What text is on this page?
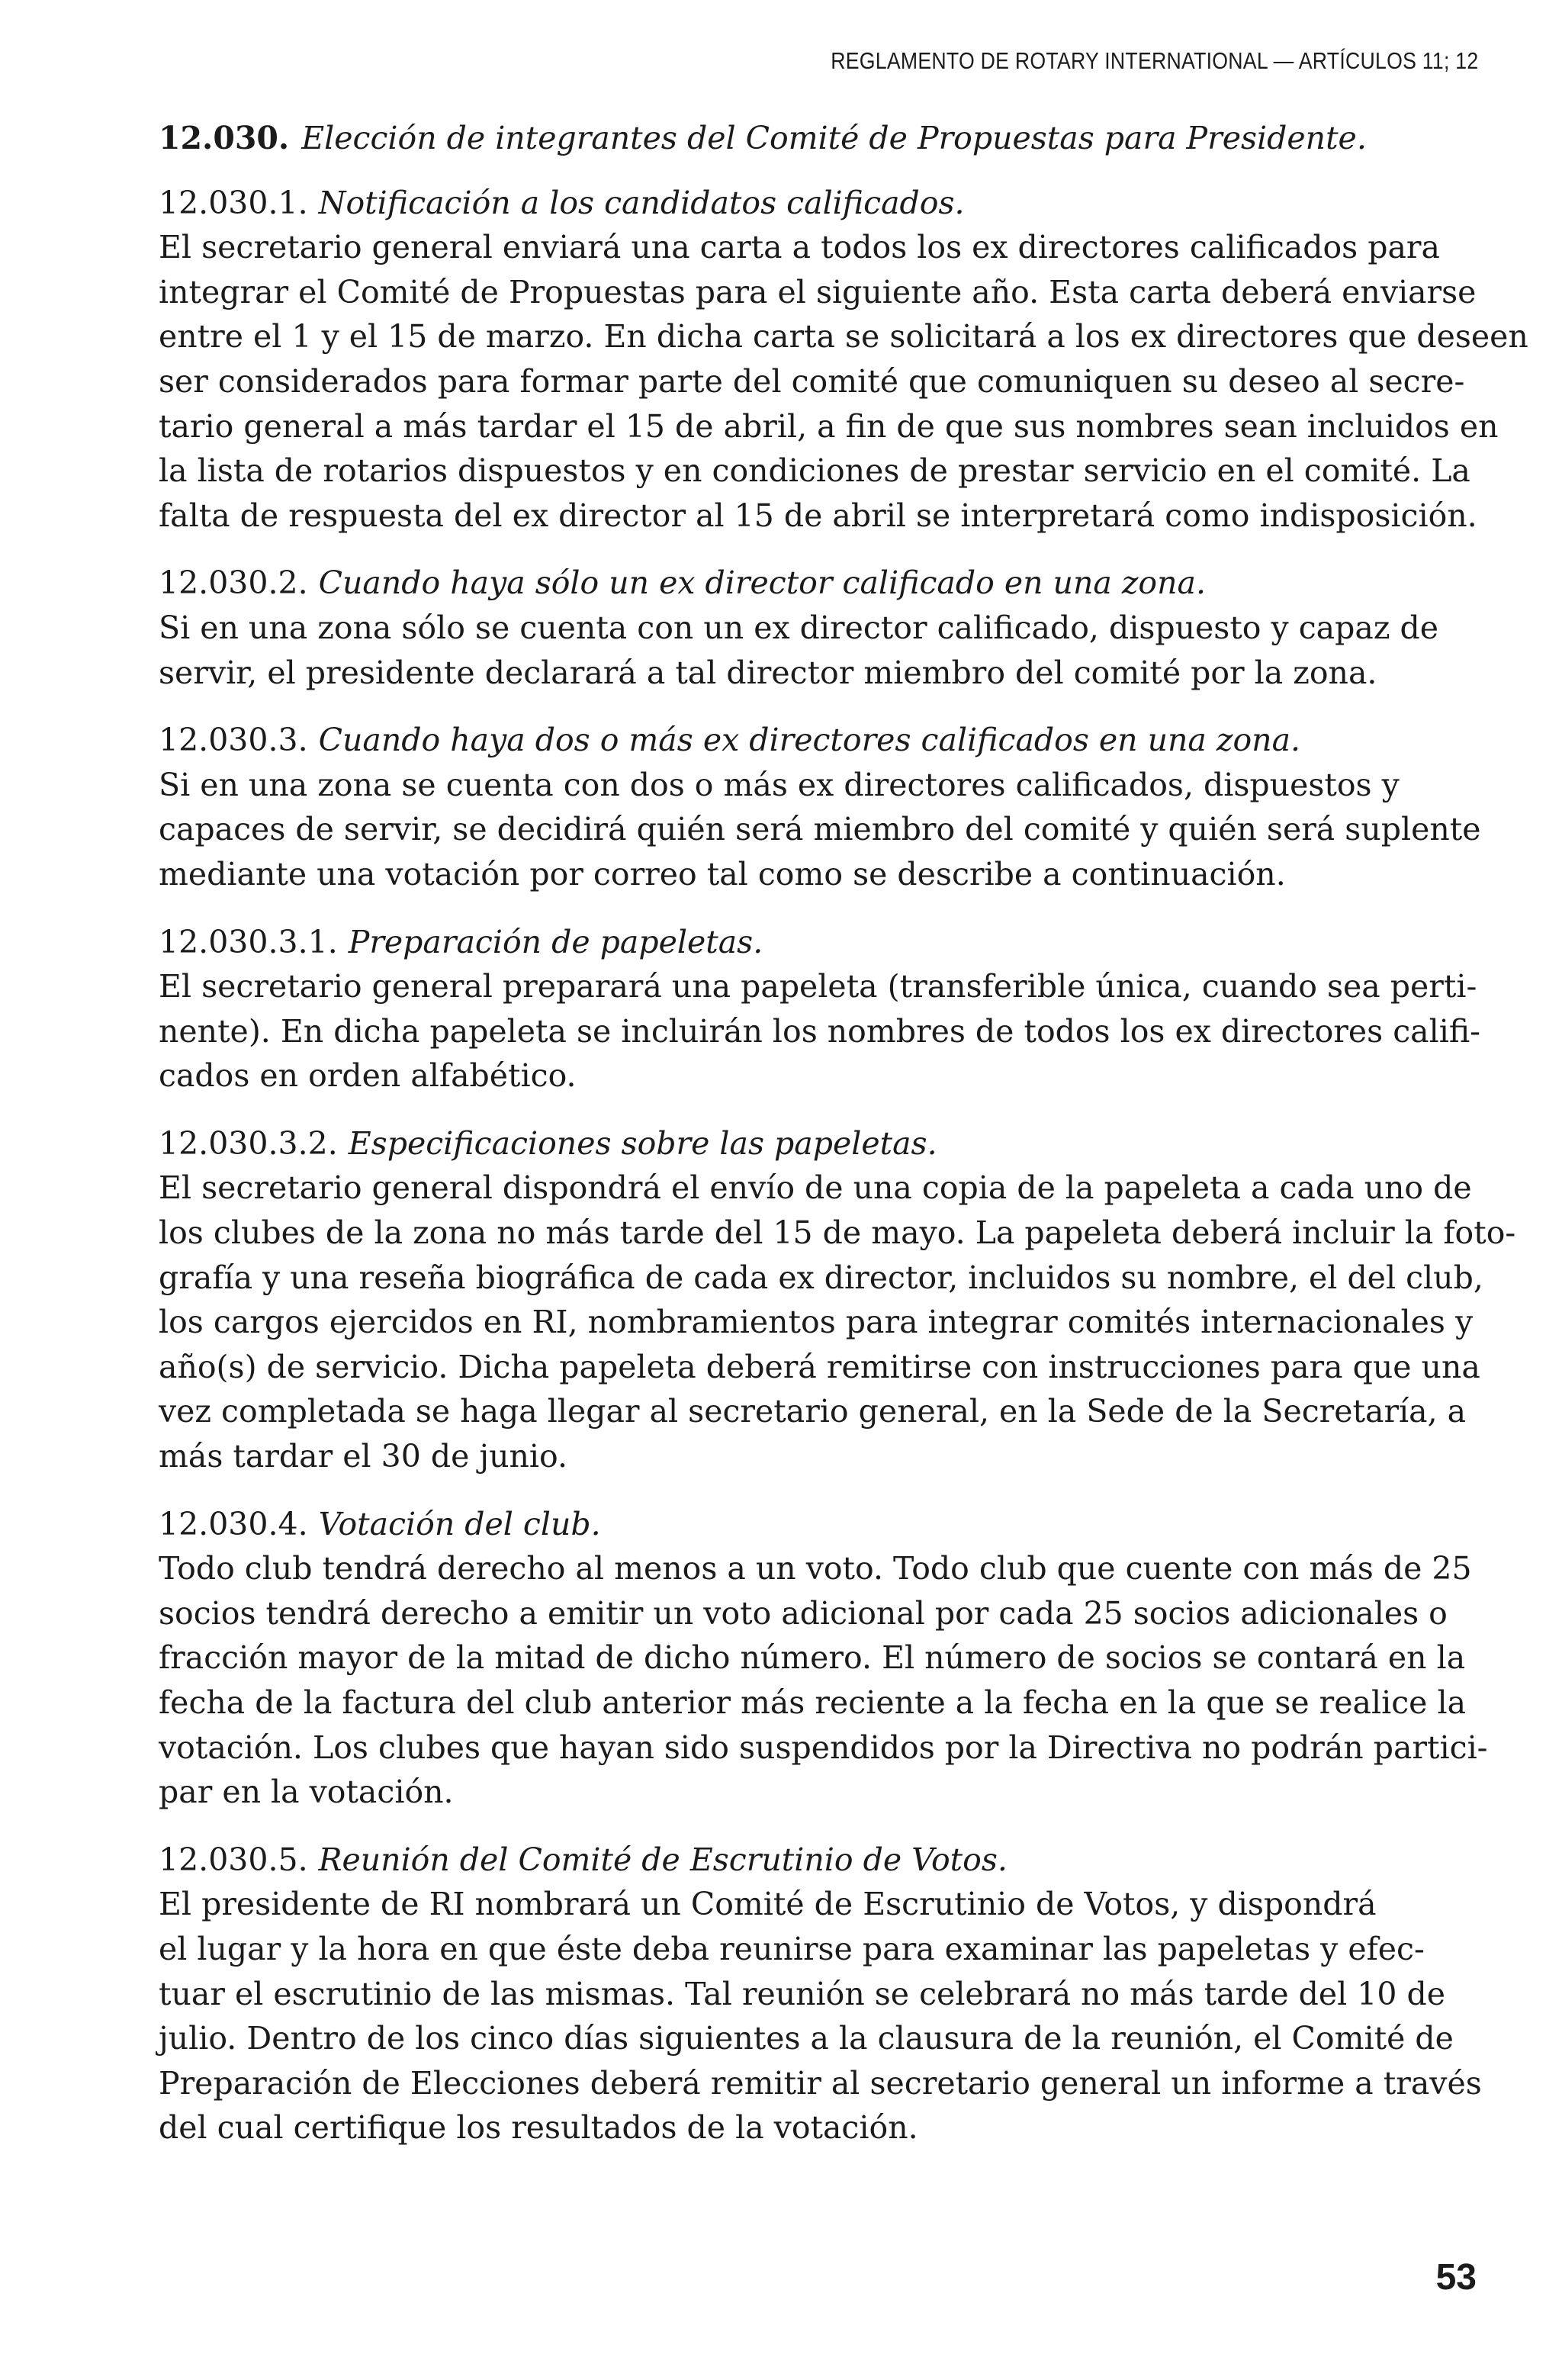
REGLAMENTO DE ROTARY INTERNATIONAL — ARTÍCULOS 11; 12
12.030. Elección de integrantes del Comité de Propuestas para Presidente.
12.030.1. Notificación a los candidatos calificados.
El secretario general enviará una carta a todos los ex directores calificados para
integrar el Comité de Propuestas para el siguiente año. Esta carta deberá enviarse
entre el 1 y el 15 de marzo. En dicha carta se solicitará a los ex directores que deseen
ser considerados para formar parte del comité que comuniquen su deseo al secre-
tario general a más tardar el 15 de abril, a fin de que sus nombres sean incluidos en
la lista de rotarios dispuestos y en condiciones de prestar servicio en el comité. La
falta de respuesta del ex director al 15 de abril se interpretará como indisposición.
12.030.2. Cuando haya sólo un ex director calificado en una zona.
Si en una zona sólo se cuenta con un ex director calificado, dispuesto y capaz de
servir, el presidente declarará a tal director miembro del comité por la zona.
12.030.3. Cuando haya dos o más ex directores calificados en una zona.
Si en una zona se cuenta con dos o más ex directores calificados, dispuestos y
capaces de servir, se decidirá quién será miembro del comité y quién será suplente
mediante una votación por correo tal como se describe a continuación.
12.030.3.1. Preparación de papeletas.
El secretario general preparará una papeleta (transferible única, cuando sea perti-
nente). En dicha papeleta se incluirán los nombres de todos los ex directores califi-
cados en orden alfabético.
12.030.3.2. Especificaciones sobre las papeletas.
El secretario general dispondrá el envío de una copia de la papeleta a cada uno de
los clubes de la zona no más tarde del 15 de mayo. La papeleta deberá incluir la foto-
grafía y una reseña biográfica de cada ex director, incluidos su nombre, el del club,
los cargos ejercidos en RI, nombramientos para integrar comités internacionales y
año(s) de servicio. Dicha papeleta deberá remitirse con instrucciones para que una
vez completada se haga llegar al secretario general, en la Sede de la Secretaría, a
más tardar el 30 de junio.
12.030.4. Votación del club.
Todo club tendrá derecho al menos a un voto. Todo club que cuente con más de 25
socios tendrá derecho a emitir un voto adicional por cada 25 socios adicionales o
fracción mayor de la mitad de dicho número. El número de socios se contará en la
fecha de la factura del club anterior más reciente a la fecha en la que se realice la
votación. Los clubes que hayan sido suspendidos por la Directiva no podrán partici-
par en la votación.
12.030.5. Reunión del Comité de Escrutinio de Votos.
El presidente de RI nombrará un Comité de Escrutinio de Votos, y dispondrá
el lugar y la hora en que éste deba reunirse para examinar las papeletas y efec-
tuar el escrutinio de las mismas. Tal reunión se celebrará no más tarde del 10 de
julio. Dentro de los cinco días siguientes a la clausura de la reunión, el Comité de
Preparación de Elecciones deberá remitir al secretario general un informe a través
del cual certifique los resultados de la votación.
53
